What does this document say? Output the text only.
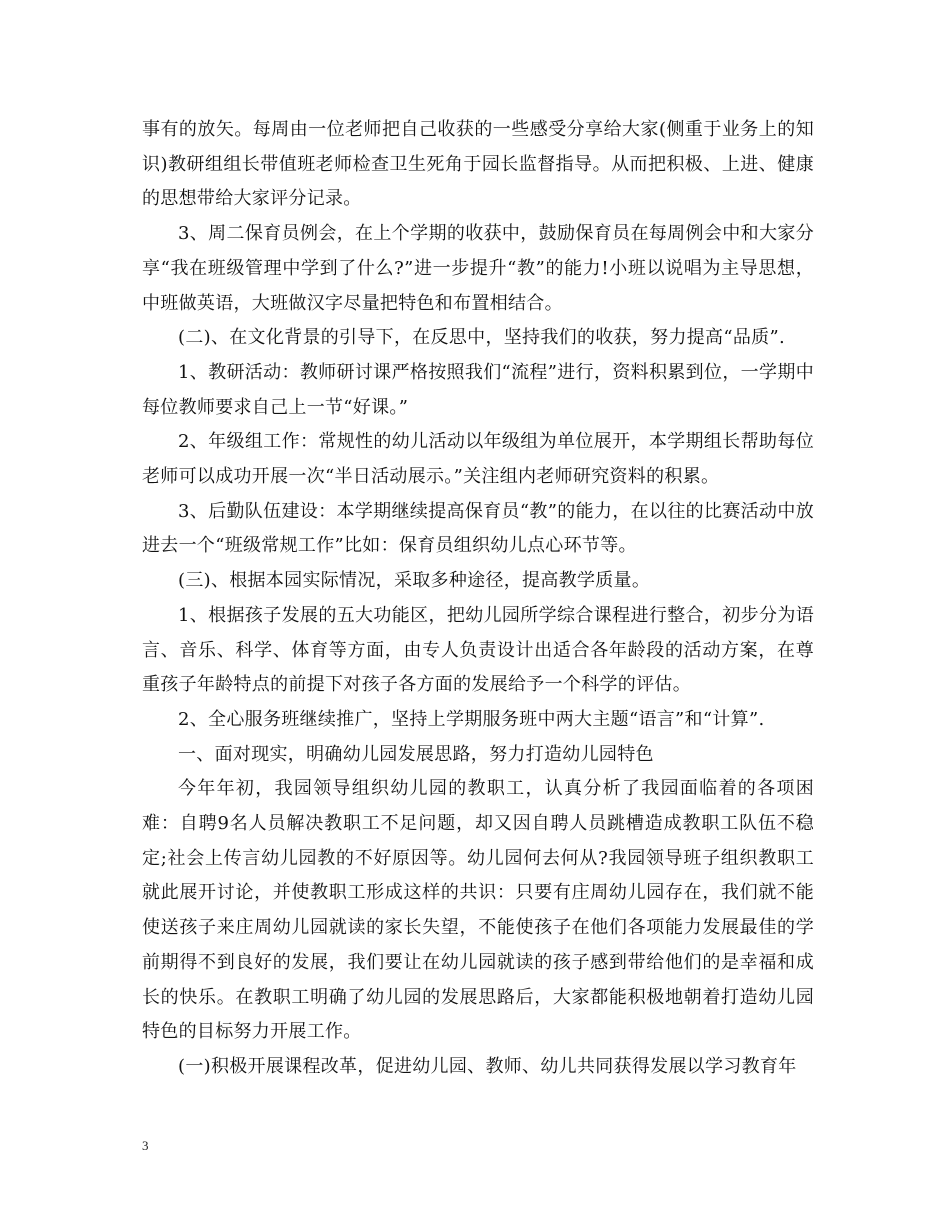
事有的放矢。每周由一位老师把自己收获的一些感受分享给大家(侧重于业务上的知识)教研组组长带值班老师检查卫生死角于园长监督指导。从而把积极、上进、健康的思想带给大家评分记录。

3、周二保育员例会，在上个学期的收获中，鼓励保育员在每周例会中和大家分享“我在班级管理中学到了什么?”进一步提升“教”的能力!小班以说唱为主导思想，中班做英语，大班做汉字尽量把特色和布置相结合。

(二)、在文化背景的引导下，在反思中，坚持我们的收获，努力提高“品质”.

1、教研活动：教师研讨课严格按照我们“流程”进行，资料积累到位，一学期中每位教师要求自己上一节“好课。”

2、年级组工作：常规性的幼儿活动以年级组为单位展开，本学期组长帮助每位老师可以成功开展一次“半日活动展示。”关注组内老师研究资料的积累。

3、后勤队伍建设：本学期继续提高保育员“教”的能力，在以往的比赛活动中放进去一个“班级常规工作”比如：保育员组织幼儿点心环节等。

(三)、根据本园实际情况，采取多种途径，提高教学质量。

1、根据孩子发展的五大功能区，把幼儿园所学综合课程进行整合，初步分为语言、音乐、科学、体育等方面，由专人负责设计出适合各年龄段的活动方案，在尊重孩子年龄特点的前提下对孩子各方面的发展给予一个科学的评估。

2、全心服务班继续推广，坚持上学期服务班中两大主题“语言”和“计算”.

一、面对现实，明确幼儿园发展思路，努力打造幼儿园特色

今年年初，我园领导组织幼儿园的教职工，认真分析了我园面临着的各项困难：自聘9名人员解决教职工不足问题，却又因自聘人员跳槽造成教职工队伍不稳定;社会上传言幼儿园教的不好原因等。幼儿园何去何从?我园领导班子组织教职工就此展开讨论，并使教职工形成这样的共识：只要有庄周幼儿园存在，我们就不能使送孩子来庄周幼儿园就读的家长失望，不能使孩子在他们各项能力发展最佳的学前期得不到良好的发展，我们要让在幼儿园就读的孩子感到带给他们的是幸福和成长的快乐。在教职工明确了幼儿园的发展思路后，大家都能积极地朝着打造幼儿园特色的目标努力开展工作。

(一)积极开展课程改革，促进幼儿园、教师、幼儿共同获得发展以学习教育年

3
